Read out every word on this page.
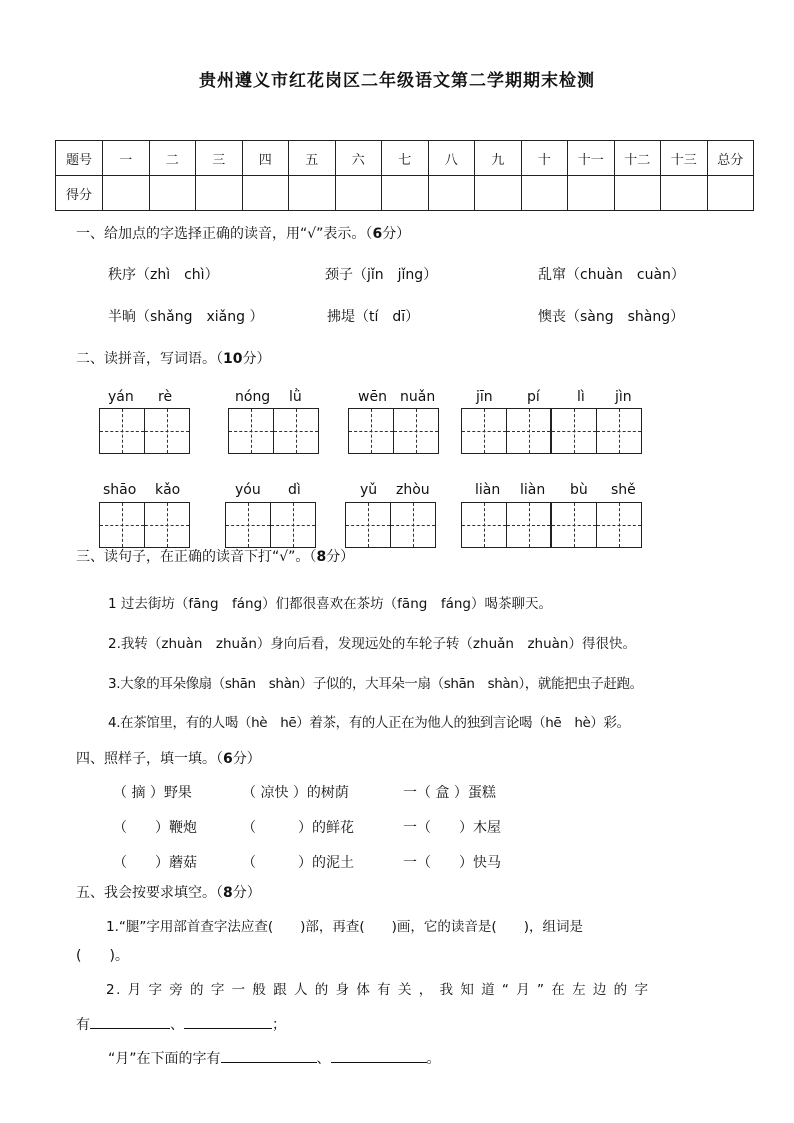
贵州遵义市红花岗区二年级语文第二学期期末检测
题号	一	二	三	四	五	六	七	八	九	十	十一	十二	十三	总分
得分														
一、给加点的字选择正确的读音，用“√”表示。（6分）
秩序（zhì　chì）	颈子（jǐn　jǐng）	乱窜（chuàn　cuàn）
半晌（shǎng　xiǎng ）	拂堤（tí　dī）	懊丧（sàng　shàng）
二、读拼音，写词语。（10分）
yán rè	nóng lǜ	wēn nuǎn	jīn pí	lì jìn
shāo kǎo	yóu dì	yǔ zhòu	liàn liàn bù shě
三、读句子，在正确的读音下打“√”。（8分）
1 过去街坊（fāng　fáng）们都很喜欢在茶坊（fāng　fáng）喝茶聊天。
2.我转（zhuàn　zhuǎn）身向后看，发现远处的车轮子转（zhuǎn　zhuàn）得很快。
3.大象的耳朵像扇（shān　shàn）子似的，大耳朵一扇（shān　shàn），就能把虫子赶跑。
4.在茶馆里，有的人喝（hè　hē）着茶，有的人正在为他人的独到言论喝（hē　hè）彩。
四、照样子，填一填。（6分）
（ 摘 ）野果	（ 凉快 ）的树荫	一（ 盒 ）蛋糕
（　　）鞭炮	（　　　）的鲜花	一（　　）木屋
（　　）蘑菇	（　　　）的泥土	一（　　）快马
五、我会按要求填空。（8分）
1.“腿”字用部首查字法应查(　　)部，再查(　　)画，它的读音是(　　)，组词是
(　　)。
2. 月 字 旁 的 字 一 般 跟 人 的 身 体 有 关 ， 我 知 道 “ 月 ” 在 左 边 的 字
有	、	；
“月”在下面的字有	、	。
